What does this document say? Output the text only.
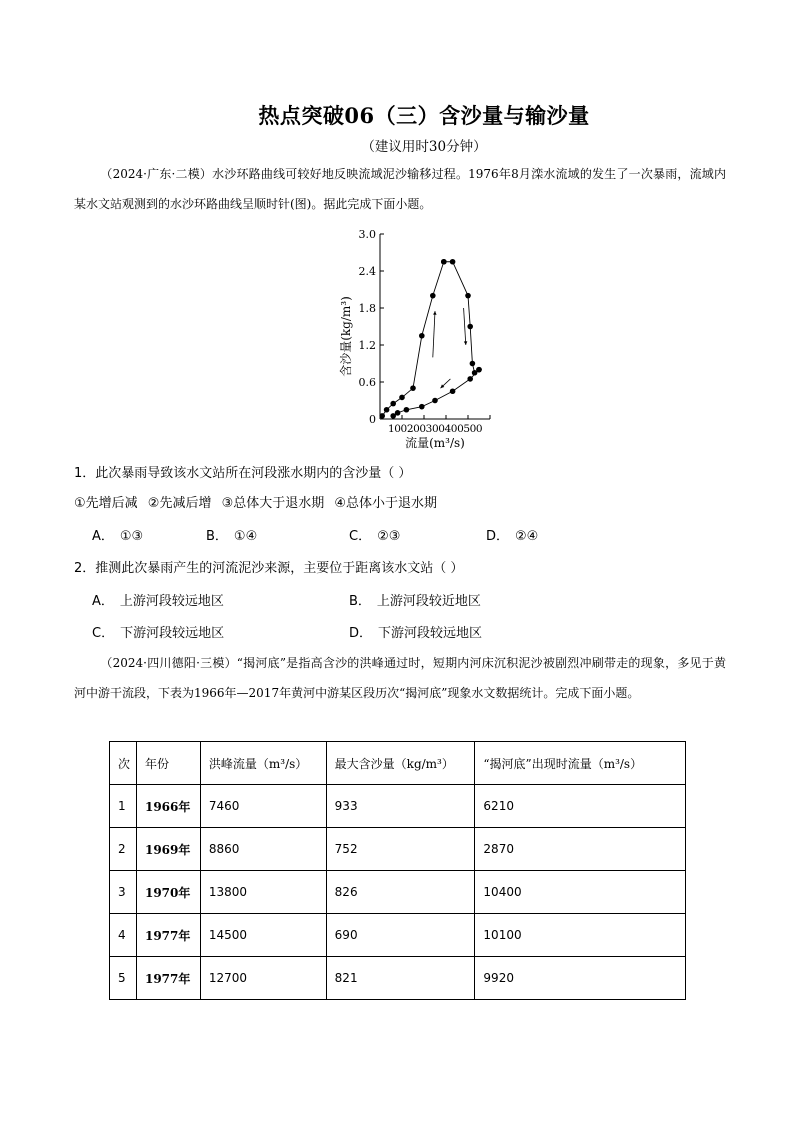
热点突破06（三）含沙量与输沙量
（建议用时30分钟）
（2024·广东·二模）水沙环路曲线可较好地反映流域泥沙输移过程。1976年8月滦水流域的发生了一次暴雨，流域内某水文站观测到的水沙环路曲线呈顺时针(图)。据此完成下面小题。
0
0.6
1.2
1.8
2.4
3.0
100200300400500
流量(m³/s)
含沙量(kg/m³)
1．此次暴雨导致该水文站所在河段涨水期内的含沙量（ ）
①先增后减 ②先减后增 ③总体大于退水期 ④总体小于退水期
A． ①③	B． ①④	C． ②③	D． ②④
2．推测此次暴雨产生的河流泥沙来源，主要位于距离该水文站（ ）
A． 上游河段较远地区	B． 上游河段较近地区
C． 下游河段较远地区	D． 下游河段较远地区
（2024·四川德阳·三模）“揭河底”是指高含沙的洪峰通过时，短期内河床沉积泥沙被剧烈冲刷带走的现象，多见于黄河中游干流段，下表为1966年—2017年黄河中游某区段历次“揭河底”现象水文数据统计。完成下面小题。
次	年份	洪峰流量（m³/s）	最大含沙量（kg/m³）	“揭河底”出现时流量（m³/s）
1	1966年	7460	933	6210
2	1969年	8860	752	2870
3	1970年	13800	826	10400
4	1977年	14500	690	10100
5	1977年	12700	821	9920
